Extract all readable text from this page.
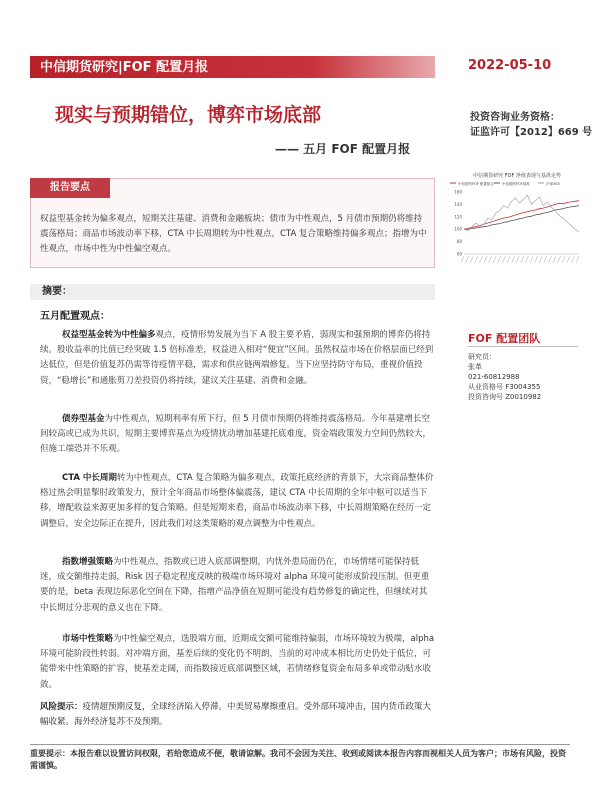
中信期货研究|FOF 配置月报	2022-05-10
现实与预期错位，博弈市场底部
—— 五月 FOF 配置月报
投资咨询业务资格：
证监许可【2012】669 号
中信期货研究 FOF 净值表现与基准走势
中信期货FOF 配置组合 中信期货FOF基准	沪深300
60
80
100
120
140
160
报告要点
权益型基金转为偏多观点，短期关注基建、消费和金融板块；债市为中性观点，5 月债市预期仍将维持震荡格局；商品市场波动率下移，CTA 中长周期转为中性观点，CTA 复合策略维持偏多观点；指增为中性观点，市场中性为中性偏空观点。
摘要：
五月配置观点：
权益型基金转为中性偏多观点，疫情形势发展为当下 A 股主要矛盾，弱现实和强预期的博弈仍将持续。股收益率的比值已经突破 1.5 倍标准差，权益进入相对“便宜”区间。虽然权益市场在价格层面已经到达低位，但是价值复苏仍需等待疫情平稳，需求和供应链两端修复。当下应坚持防守布局，重视价值投资，“稳增长”和通胀剪刀差投资仍将持续，建议关注基建、消费和金融。
债券型基金为中性观点，短期利率有所下行，但 5 月债市预期仍将维持震荡格局。今年基建增长空间较高或已成为共识，短期主要博弈基点为疫情扰动增加基建托底难度，资金端政策发力空间仍然较大，但施工端恐并不乐观。
CTA 中长周期转为中性观点，CTA 复合策略为偏多观点，政策托底经济的背景下，大宗商品整体价格过热会明显掣肘政策发力，预计全年商品市场整体偏震荡，建议 CTA 中长周期的全年中枢可以适当下移，增配收益来源更加多样的复合策略。但是短期来看，商品市场波动率下移，中长周期策略在经历一定调整后，安全边际正在提升，因此我们对这类策略的观点调整为中性观点。
指数增强策略为中性观点，指数或已进入底部调整期，内忧外患局面仍在，市场情绪可能保持低迷，成交额维持走弱，Risk 因子稳定程度反映的极端市场环境对 alpha 环境可能形成阶段压制。但更重要的是，beta 表现边际恶化空间在下降，指增产品净值在短期可能没有趋势修复的确定性，但继续对其中长期过分悲观的意义也在下降。
市场中性策略为中性偏空观点，选股端方面，近期成交额可能维持偏弱，市场环境较为极端，alpha 环境可能阶段性转弱。对冲端方面，基差后续的变化仍不明朗，当前的对冲成本相比历史仍处于低位，可能带来中性策略的扩容，使基差走阔，而指数接近底部调整区域，若情绪修复资金布局多单或带动贴水收敛。
风险提示：疫情超预期反复，全球经济陷入停滞。中美贸易摩擦重启。受外部环境冲击，国内货币政策大幅收紧。海外经济复苏不及预期。
重要提示：本报告难以设置访问权限，若给您造成不便，敬请谅解。我司不会因为关注、收到或阅读本报告内容而视相关人员为客户；市场有风险，投资需谨慎。
FOF 配置团队
研究员：
张革
021-60812988
从业资格号 F3004355
投资咨询号 Z0010982
